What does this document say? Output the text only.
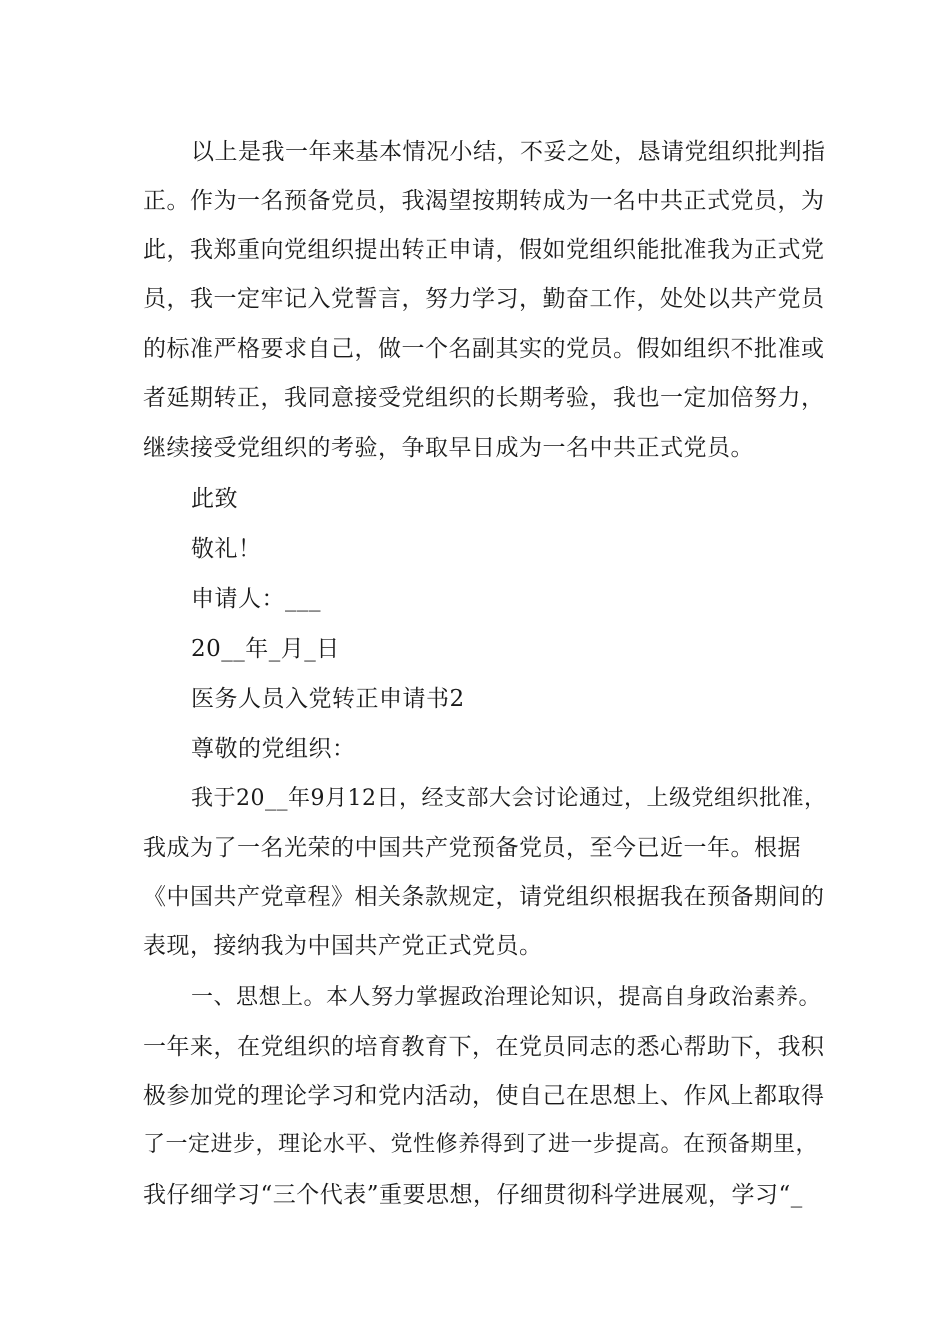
以上是我一年来基本情况小结，不妥之处，恳请党组织批判指
正。作为一名预备党员，我渴望按期转成为一名中共正式党员，为
此，我郑重向党组织提出转正申请，假如党组织能批准我为正式党
员，我一定牢记入党誓言，努力学习，勤奋工作，处处以共产党员
的标准严格要求自己，做一个名副其实的党员。假如组织不批准或
者延期转正，我同意接受党组织的长期考验，我也一定加倍努力，
继续接受党组织的考验，争取早日成为一名中共正式党员。
此致
敬礼！
申请人：___
20__年_月_日
医务人员入党转正申请书2
尊敬的党组织：
我于20__年9月12日，经支部大会讨论通过，上级党组织批准，
我成为了一名光荣的中国共产党预备党员，至今已近一年。根据
《中国共产党章程》相关条款规定，请党组织根据我在预备期间的
表现，接纳我为中国共产党正式党员。
一、思想上。本人努力掌握政治理论知识，提高自身政治素养。
一年来，在党组织的培育教育下，在党员同志的悉心帮助下，我积
极参加党的理论学习和党内活动，使自己在思想上、作风上都取得
了一定进步，理论水平、党性修养得到了进一步提高。在预备期里，
我仔细学习“三个代表”重要思想，仔细贯彻科学进展观，学习“_
